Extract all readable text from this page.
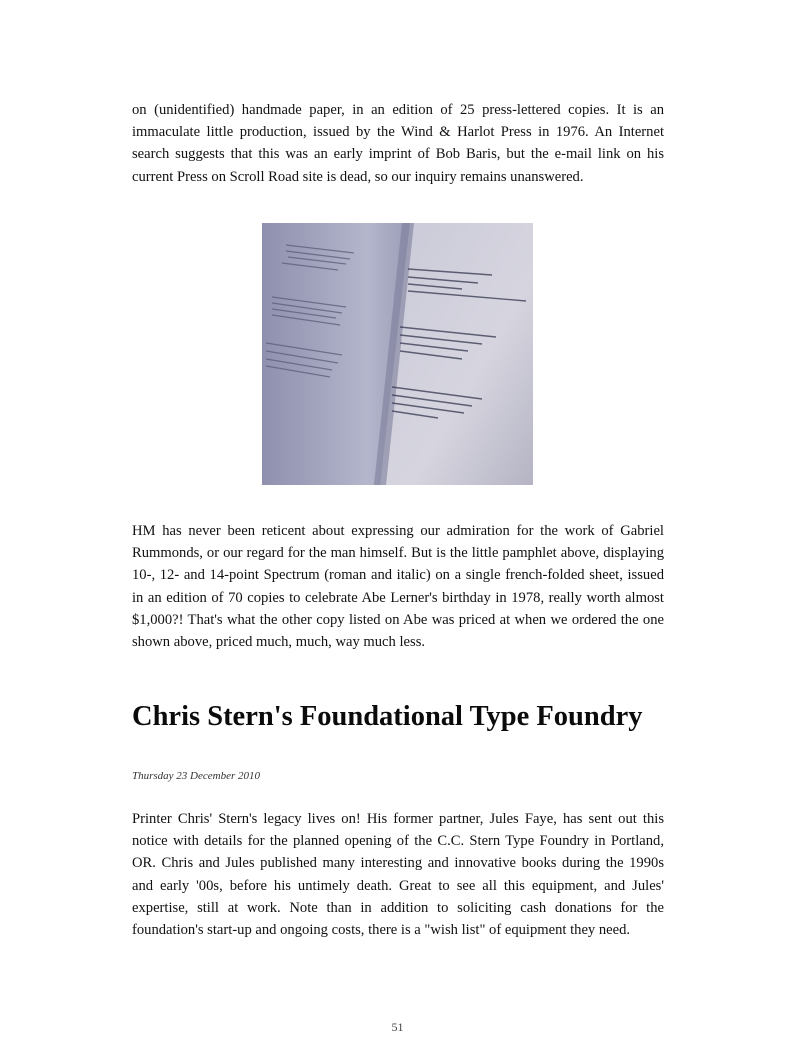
on (unidentified) handmade paper, in an edition of 25 press-lettered copies. It is an immaculate little production, issued by the Wind & Harlot Press in 1976. An Internet search suggests that this was an early imprint of Bob Baris, but the e-mail link on his current Press on Scroll Road site is dead, so our inquiry remains unanswered.

HM has never been reticent about expressing our admiration for the work of Gabriel Rummonds, or our regard for the man himself. But is the little pamphlet above, displaying 10-, 12- and 14-point Spectrum (roman and italic) on a single french-folded sheet, issued in an edition of 70 copies to celebrate Abe Lerner's birthday in 1978, really worth almost $1,000?! That's what the other copy listed on Abe was priced at when we ordered the one shown above, priced much, much, way much less.

Chris Stern's Foundational Type Foundry
Thursday 23 December 2010

Printer Chris' Stern's legacy lives on! His former partner, Jules Faye, has sent out this notice with details for the planned opening of the C.C. Stern Type Foundry in Portland, OR. Chris and Jules published many interesting and innovative books during the 1990s and early '00s, before his untimely death. Great to see all this equipment, and Jules' expertise, still at work. Note than in addition to soliciting cash donations for the foundation's start-up and ongoing costs, there is a "wish list" of equipment they need.

51
